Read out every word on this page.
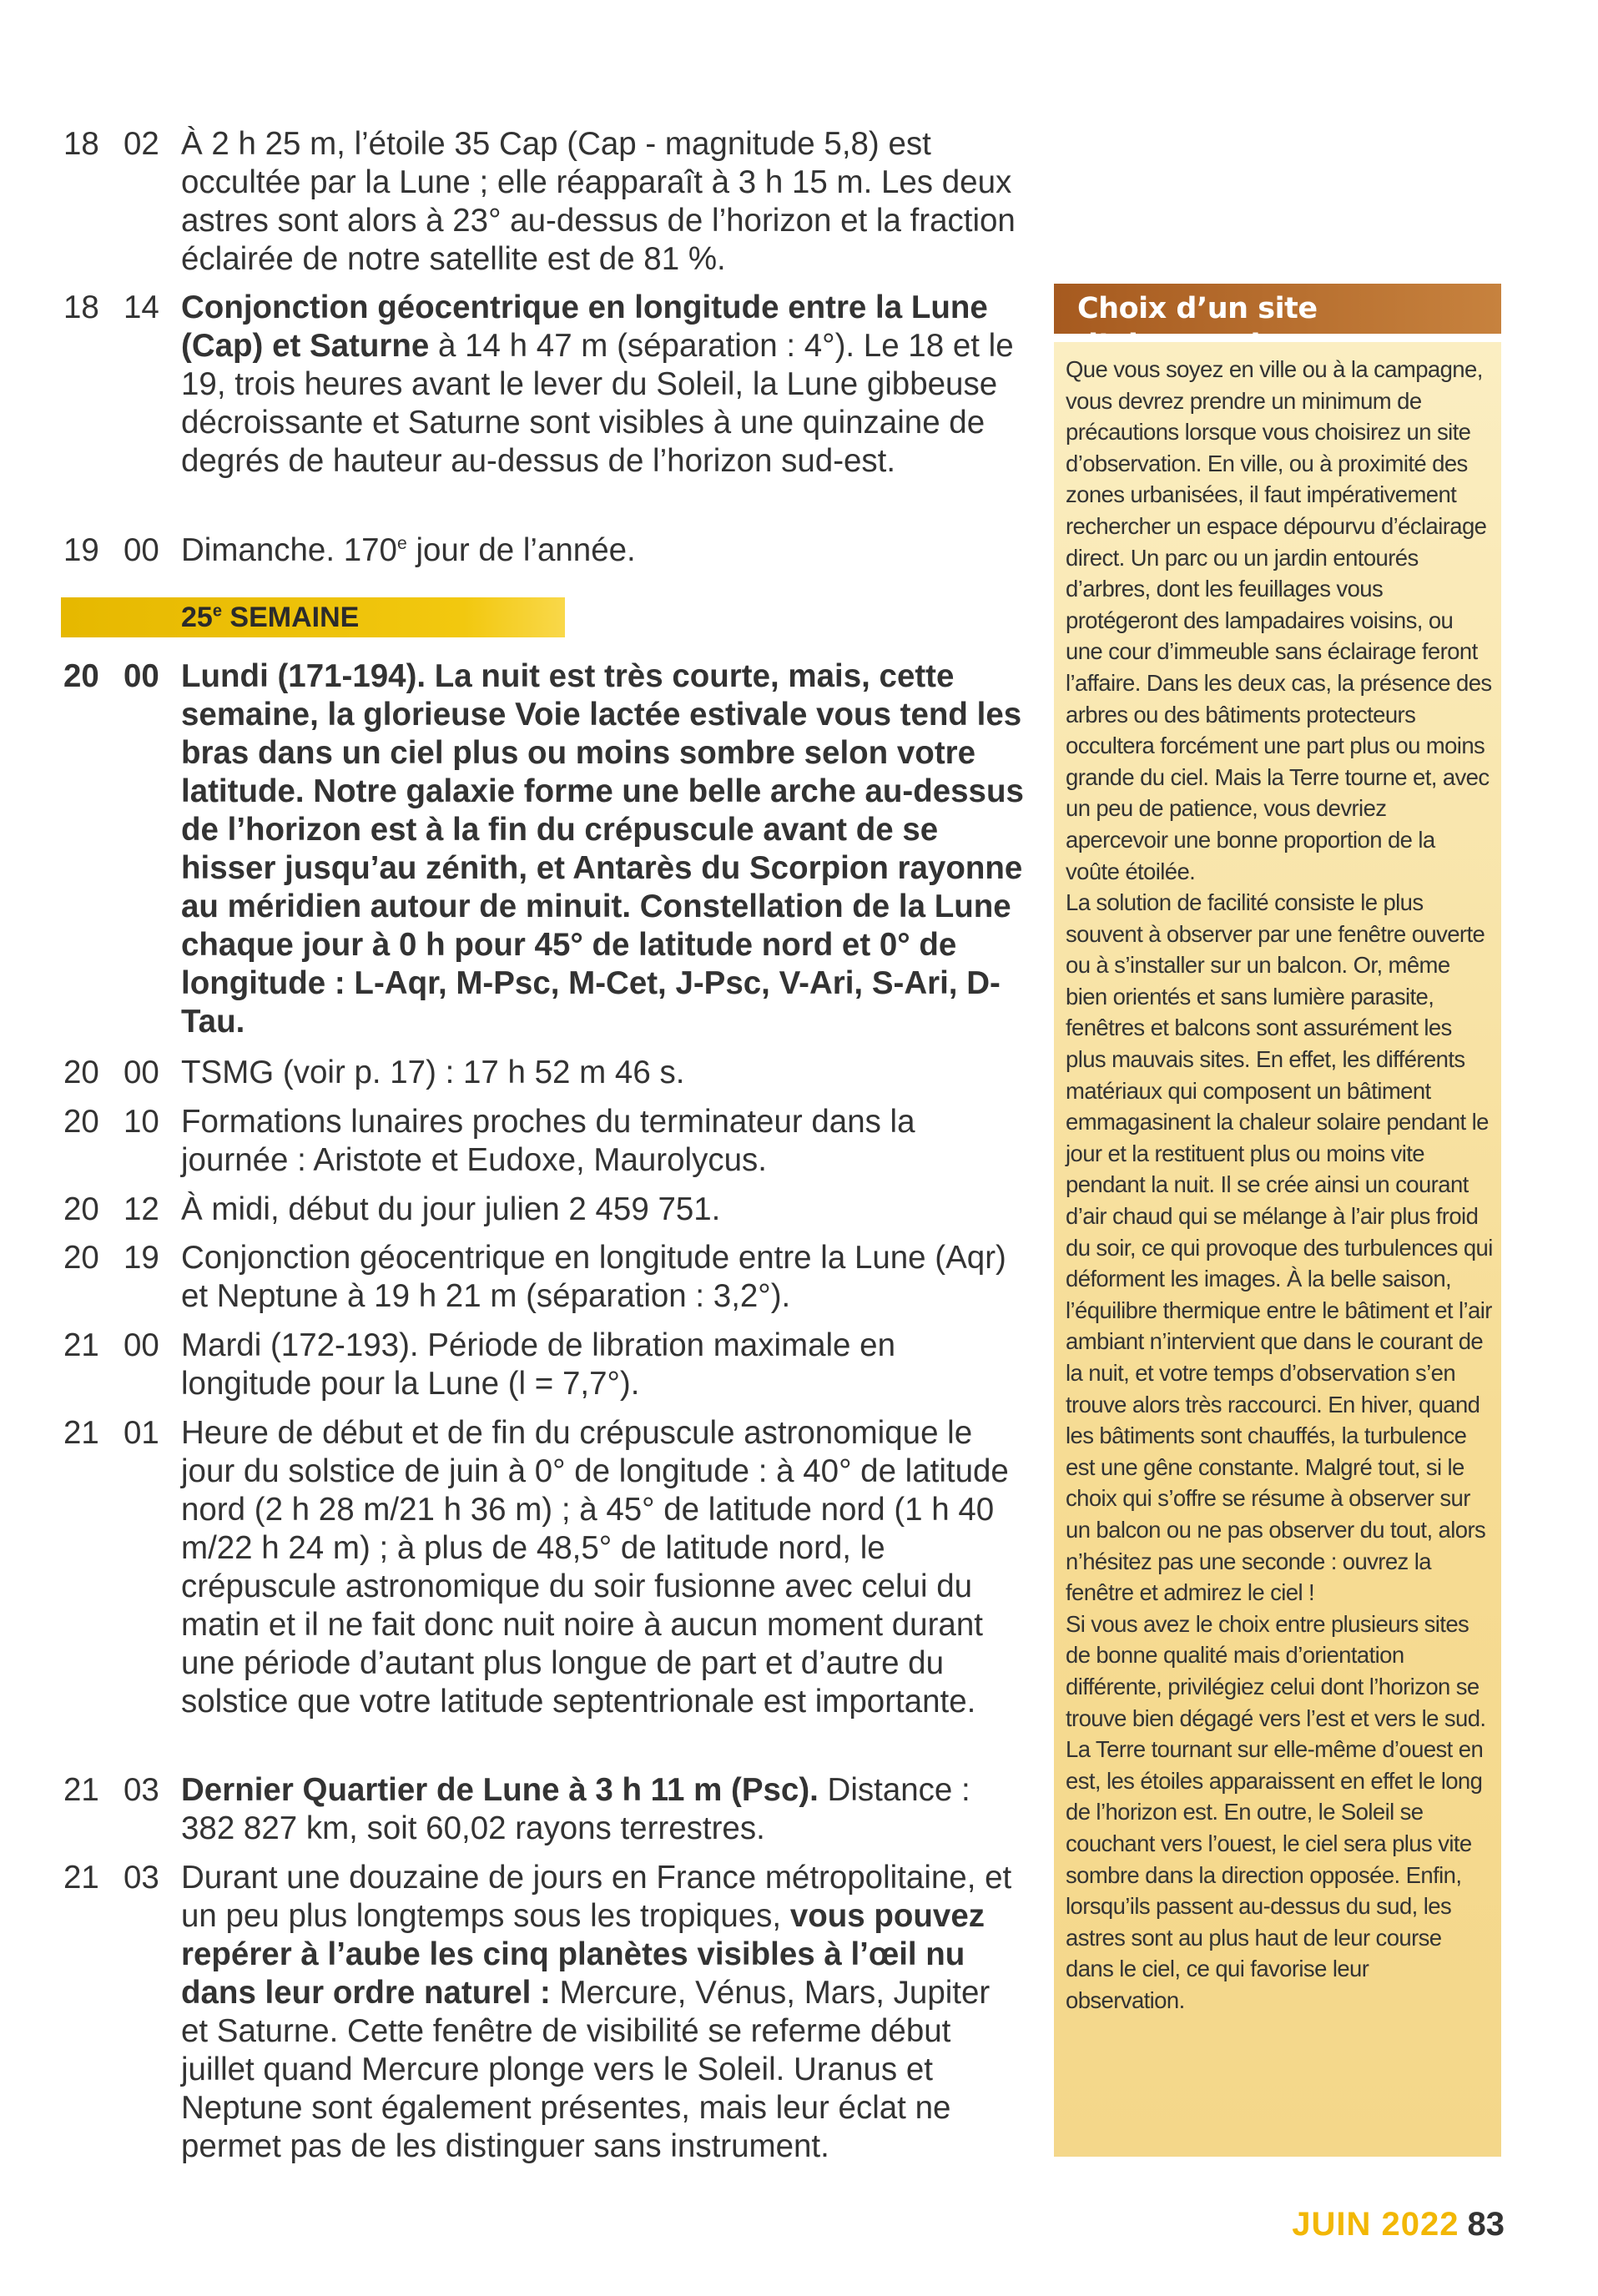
18 02 À 2 h 25 m, l’étoile 35 Cap (Cap - magnitude 5,8) est occultée par la Lune ; elle réapparaît à 3 h 15 m. Les deux astres sont alors à 23° au-dessus de l’horizon et la fraction éclairée de notre satellite est de 81 %.
18 14 Conjonction géocentrique en longitude entre la Lune (Cap) et Saturne à 14 h 47 m (séparation : 4°). Le 18 et le 19, trois heures avant le lever du Soleil, la Lune gibbeuse décroissante et Saturne sont visibles à une quinzaine de degrés de hauteur au-dessus de l’horizon sud-est.
19 00 Dimanche. 170e jour de l’année.
25e SEMAINE
20 00 Lundi (171-194). La nuit est très courte, mais, cette semaine, la glorieuse Voie lactée estivale vous tend les bras dans un ciel plus ou moins sombre selon votre latitude. Notre galaxie forme une belle arche au-dessus de l’horizon est à la fin du crépuscule avant de se hisser jusqu’au zénith, et Antarès du Scorpion rayonne au méridien autour de minuit. Constellation de la Lune chaque jour à 0 h pour 45° de latitude nord et 0° de longitude : L-Aqr, M-Psc, M-Cet, J-Psc, V-Ari, S-Ari, D-Tau.
20 00 TSMG (voir p. 17) : 17 h 52 m 46 s.
20 10 Formations lunaires proches du terminateur dans la journée : Aristote et Eudoxe, Maurolycus.
20 12 À midi, début du jour julien 2 459 751.
20 19 Conjonction géocentrique en longitude entre la Lune (Aqr) et Neptune à 19 h 21 m (séparation : 3,2°).
21 00 Mardi (172-193). Période de libration maximale en longitude pour la Lune (l = 7,7°).
21 01 Heure de début et de fin du crépuscule astronomique le jour du solstice de juin à 0° de longitude : à 40° de latitude nord (2 h 28 m/21 h 36 m) ; à 45° de latitude nord (1 h 40 m/22 h 24 m) ; à plus de 48,5° de latitude nord, le crépuscule astronomique du soir fusionne avec celui du matin et il ne fait donc nuit noire à aucun moment durant une période d’autant plus longue de part et d’autre du solstice que votre latitude septentrionale est importante.
21 03 Dernier Quartier de Lune à 3 h 11 m (Psc). Distance : 382 827 km, soit 60,02 rayons terrestres.
21 03 Durant une douzaine de jours en France métropolitaine, et un peu plus longtemps sous les tropiques, vous pouvez repérer à l’aube les cinq planètes visibles à l’œil nu dans leur ordre naturel : Mercure, Vénus, Mars, Jupiter et Saturne. Cette fenêtre de visibilité se referme début juillet quand Mercure plonge vers le Soleil. Uranus et Neptune sont également présentes, mais leur éclat ne permet pas de les distinguer sans instrument.
Choix d’un site

Que vous soyez en ville ou à la campagne, vous devrez prendre un minimum de précautions lorsque vous choisirez un site d’observation. En ville, ou à proximité des zones urbanisées, il faut impérativement rechercher un espace dépourvu d’éclairage direct. Un parc ou un jardin entourés d’arbres, dont les feuillages vous protégeront des lampadaires voisins, ou une cour d’immeuble sans éclairage feront l’affaire. Dans les deux cas, la présence des arbres ou des bâtiments protecteurs occultera forcément une part plus ou moins grande du ciel. Mais la Terre tourne et, avec un peu de patience, vous devriez apercevoir une bonne proportion de la voûte étoilée.

La solution de facilité consiste le plus souvent à observer par une fenêtre ouverte ou à s’installer sur un balcon. Or, même bien orientés et sans lumière parasite, fenêtres et balcons sont assurément les plus mauvais sites. En effet, les différents matériaux qui composent un bâtiment emmagasinent la chaleur solaire pendant le jour et la restituent plus ou moins vite pendant la nuit. Il se crée ainsi un courant d’air chaud qui se mélange à l’air plus froid du soir, ce qui provoque des turbulences qui déforment les images. À la belle saison, l’équilibre thermique entre le bâtiment et l’air ambiant n’intervient que dans le courant de la nuit, et votre temps d’observation s’en trouve alors très raccourci. En hiver, quand les bâtiments sont chauffés, la turbulence est une gêne constante. Malgré tout, si le choix qui s’offre se résume à observer sur un balcon ou ne pas observer du tout, alors n’hésitez pas une seconde : ouvrez la fenêtre et admirez le ciel !

Si vous avez le choix entre plusieurs sites de bonne qualité mais d’orientation différente, privilégiez celui dont l’horizon se trouve bien dégagé vers l’est et vers le sud. La Terre tournant sur elle-même d’ouest en est, les étoiles apparaissent en effet le long de l’horizon est. En outre, le Soleil se couchant vers l’ouest, le ciel sera plus vite sombre dans la direction opposée. Enfin, lorsqu’ils passent au-dessus du sud, les astres sont au plus haut de leur course dans le ciel, ce qui favorise leur observation.

JUIN 2022 83
